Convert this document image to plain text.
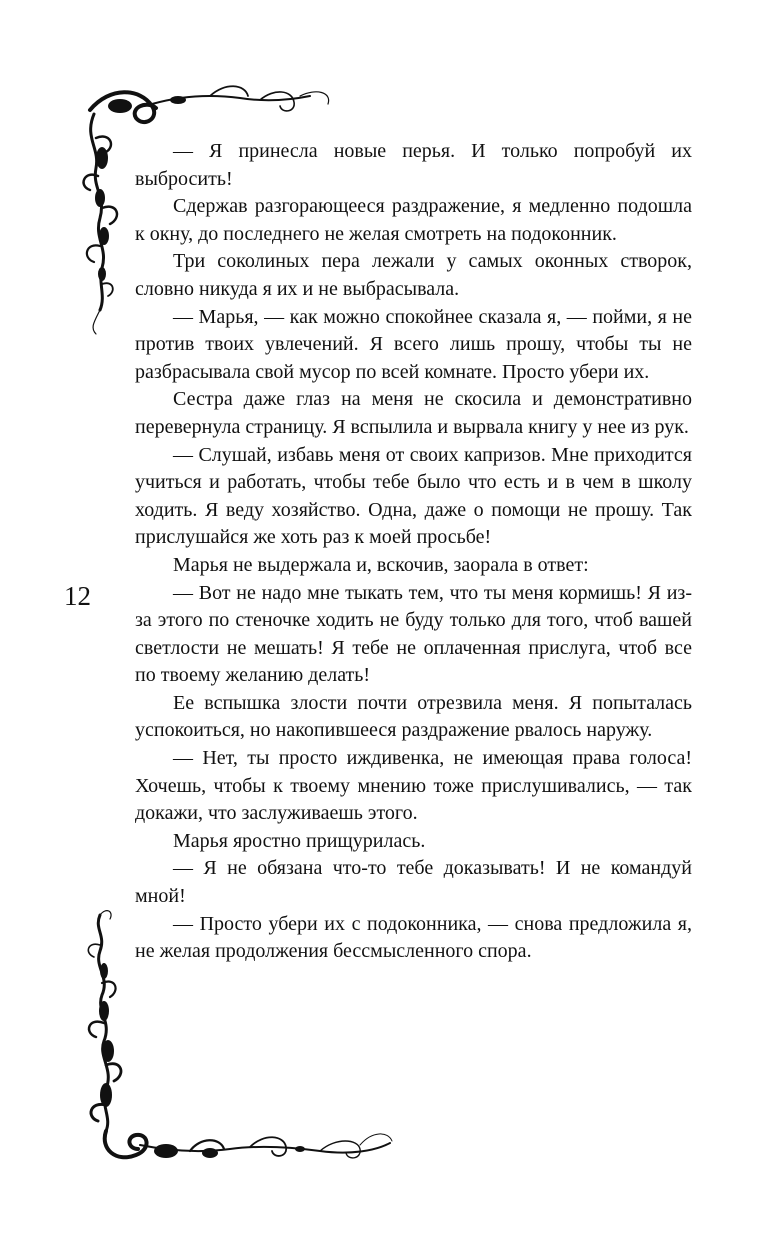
12

— Я принесла новые перья. И только попробуй их выбросить!

Сдержав разгорающееся раздражение, я медленно подошла к окну, до последнего не желая смотреть на подоконник.

Три соколиных пера лежали у самых оконных створок, словно никуда я их и не выбрасывала.

— Марья, — как можно спокойнее сказала я, — пойми, я не против твоих увлечений. Я всего лишь прошу, чтобы ты не разбрасывала свой мусор по всей комнате. Просто убери их.

Сестра даже глаз на меня не скосила и демонстративно перевернула страницу. Я вспылила и вырвала книгу у нее из рук.

— Слушай, избавь меня от своих капризов. Мне приходится учиться и работать, чтобы тебе было что есть и в чем в школу ходить. Я веду хозяйство. Одна, даже о помощи не прошу. Так прислушайся же хоть раз к моей просьбе!

Марья не выдержала и, вскочив, заорала в ответ:

— Вот не надо мне тыкать тем, что ты меня кормишь! Я из-за этого по стеночке ходить не буду только для того, чтоб вашей светлости не мешать! Я тебе не оплаченная прислуга, чтоб все по твоему желанию делать!

Ее вспышка злости почти отрезвила меня. Я попыталась успокоиться, но накопившееся раздражение рвалось наружу.

— Нет, ты просто иждивенка, не имеющая права голоса! Хочешь, чтобы к твоему мнению тоже прислушивались, — так докажи, что заслуживаешь этого.

Марья яростно прищурилась.

— Я не обязана что-то тебе доказывать! И не командуй мной!

— Просто убери их с подоконника, — снова предложила я, не желая продолжения бессмысленного спора.
